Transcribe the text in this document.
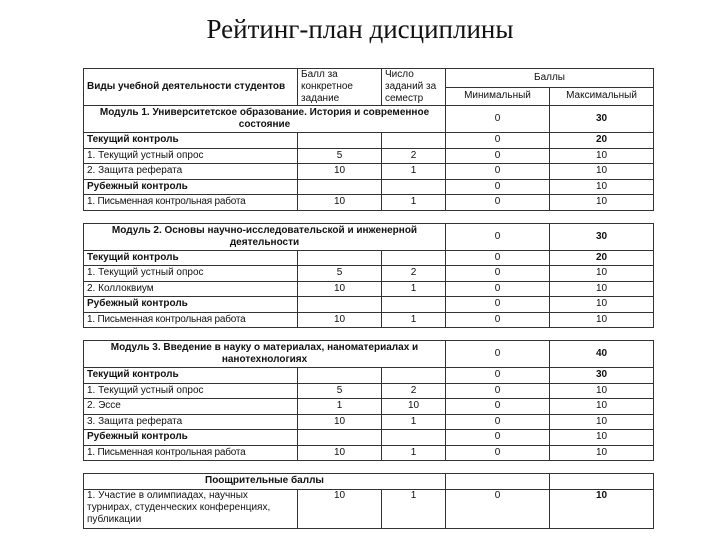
Рейтинг-план дисциплины
Виды учебной деятельности студентов	Балл за конкретное задание	Число заданий за семестр	Баллы	
			Минимальный	Максимальный
Модуль 1. Университетское образование. История и современное состояние			0	30
Текущий контроль			0	20
1. Текущий устный опрос	5	2	0	10
2. Защита реферата	10	1	0	10
Рубежный контроль			0	10
1. Письменная контрольная работа	10	1	0	10

Модуль 2. Основы научно-исследовательской и инженерной деятельности			0	30
Текущий контроль			0	20
1. Текущий устный опрос	5	2	0	10
2. Коллоквиум	10	1	0	10
Рубежный контроль			0	10
1. Письменная контрольная работа	10	1	0	10

Модуль 3. Введение в науку о материалах, наноматериалах и нанотехнологиях			0	40
Текущий контроль			0	30
1. Текущий устный опрос	5	2	0	10
2. Эссе	1	10	0	10
3. Защита реферата	10	1	0	10
Рубежный контроль			0	10
1. Письменная контрольная работа	10	1	0	10

Поощрительные баллы				
1. Участие в олимпиадах, научных турнирах, студенческих конференциях, публикации	10	1	0	10
